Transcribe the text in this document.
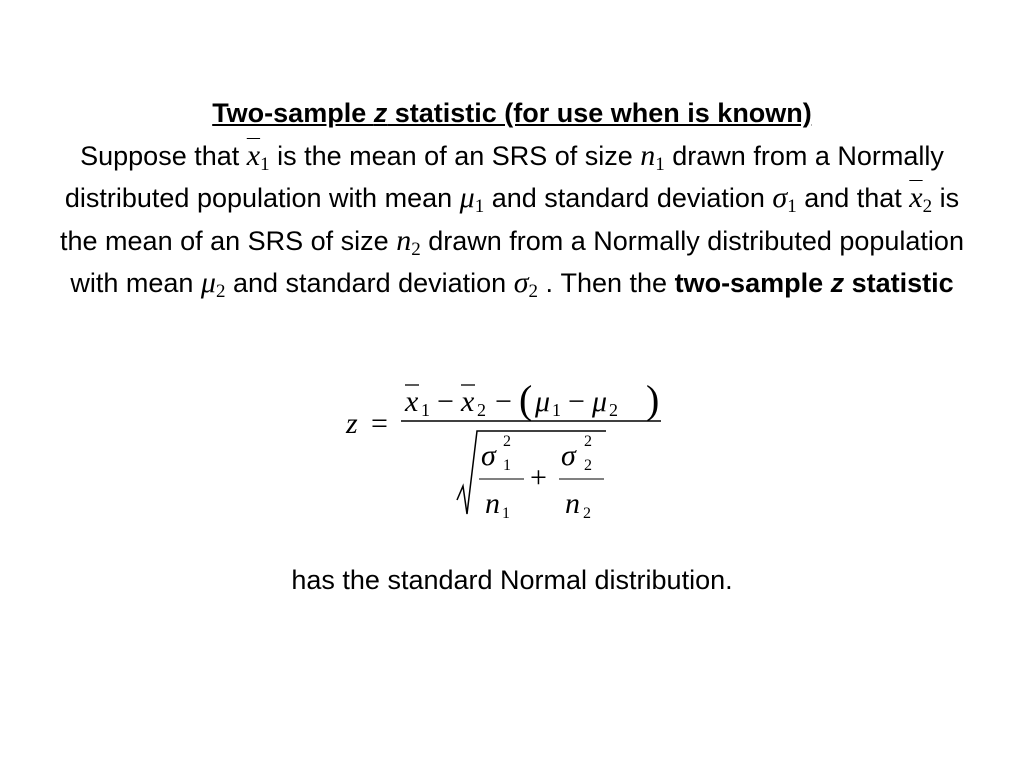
Two-sample z statistic (for use when is known)
Suppose that $\overline{x}_1$ is the mean of an SRS of size $n_1$ drawn from a Normally distributed population with mean $\mu_1$ and standard deviation $\sigma_1$ and that $\overline{x}_2$ is the mean of an SRS of size $n_2$ drawn from a Normally distributed population with mean $\mu_2$ and standard deviation $\sigma_2$ . Then the two-sample z statistic
z =
x 1 − x 2 − ( μ 1 − μ 2 )
σ 2
1
n 1
+
σ 2
2
n 2
has the standard Normal distribution.
